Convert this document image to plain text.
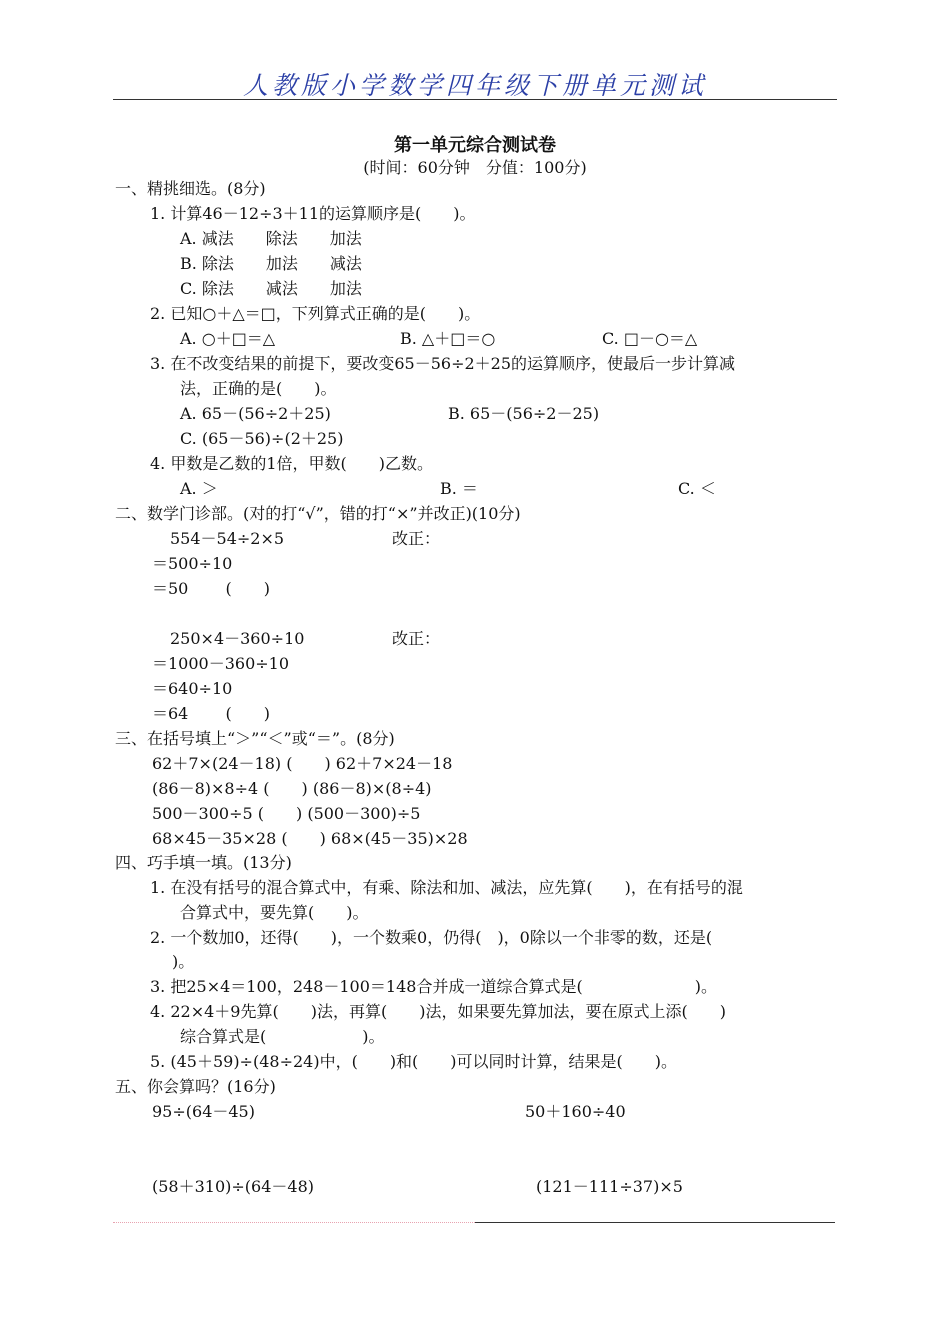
人教版小学数学四年级下册单元测试
第一单元综合测试卷
(时间：60分钟　分值：100分)
一、精挑细选。(8分)
1. 计算46－12÷3＋11的运算顺序是(　　)。
A. 减法　　除法　　加法
B. 除法　　加法　　减法
C. 除法　　减法　　加法
2. 已知○＋△＝□，下列算式正确的是(　　)。
A. ○＋□＝△	B. △＋□＝○	C. □－○＝△
3. 在不改变结果的前提下，要改变65－56÷2＋25的运算顺序，使最后一步计算减
法，正确的是(　　)。
A. 65－(56÷2＋25)	B. 65－(56÷2－25)
C. (65－56)÷(2＋25)
4. 甲数是乙数的1倍，甲数(　　)乙数。
A. ＞	B. ＝	C. ＜
二、数学门诊部。(对的打“√”，错的打“×”并改正)(10分)
554－54÷2×5	改正：
＝500÷10
＝50　　 (　　)
250×4－360÷10	改正：
＝1000－360÷10
＝640÷10
＝64　　 (　　)
三、在括号填上“＞”“＜”或“＝”。(8分)
62＋7×(24－18) (　　) 62＋7×24－18
(86－8)×8÷4 (　　) (86－8)×(8÷4)
500－300÷5 (　　) (500－300)÷5
68×45－35×28 (　　) 68×(45－35)×28
四、巧手填一填。(13分)
1. 在没有括号的混合算式中，有乘、除法和加、减法，应先算(　　)，在有括号的混
合算式中，要先算(　　)。
2. 一个数加0，还得(　　)，一个数乘0，仍得(　)，0除以一个非零的数，还是(
)。
3. 把25×4＝100，248－100＝148合并成一道综合算式是(　　　　　　　)。
4. 22×4＋9先算(　　)法，再算(　　)法，如果要先算加法，要在原式上添(　　)
综合算式是(　　　　　　)。
5. (45＋59)÷(48÷24)中，(　　)和(　　)可以同时计算，结果是(　　)。
五、你会算吗？(16分)
95÷(64－45)	50＋160÷40
(58＋310)÷(64－48)	(121－111÷37)×5
